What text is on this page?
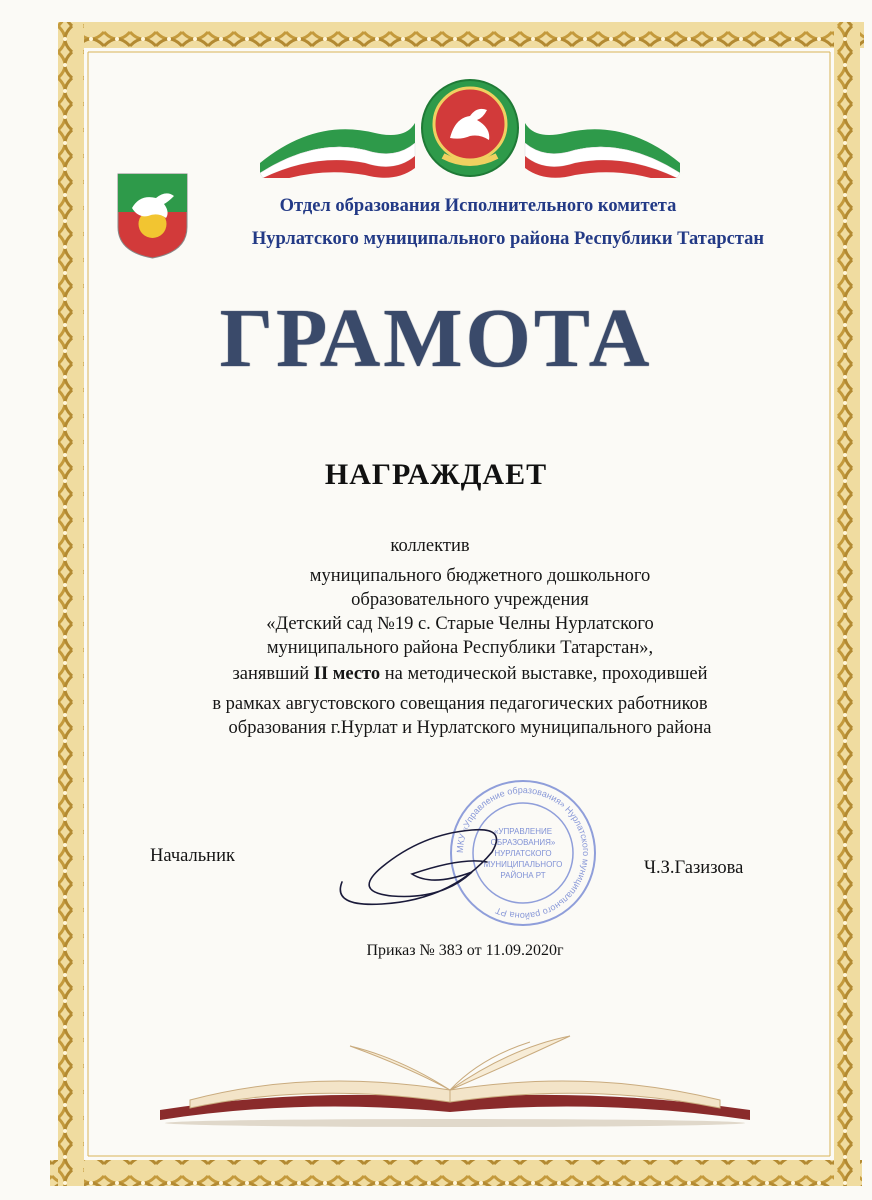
Отдел образования Исполнительного комитета
Нурлатского муниципального района Республики Татарстан
ГРАМОТА
НАГРАЖДАЕТ
коллектив
муниципального бюджетного дошкольного
образовательного учреждения
«Детский сад №19 с. Старые Челны Нурлатского
муниципального района Республики Татарстан»,
занявший II место на методической выставке, проходившей
в рамках августовского совещания педагогических работников
образования г.Нурлат и Нурлатского муниципального района
МКУ «Управление образования» Нурлатского муниципального района РТ
«УПРАВЛЕНИЕ
ОБРАЗОВАНИЯ»
НУРЛАТСКОГО
МУНИЦИПАЛЬНОГО
РАЙОНА РТ
Начальник
Ч.З.Газизова
Приказ № 383 от 11.09.2020г
